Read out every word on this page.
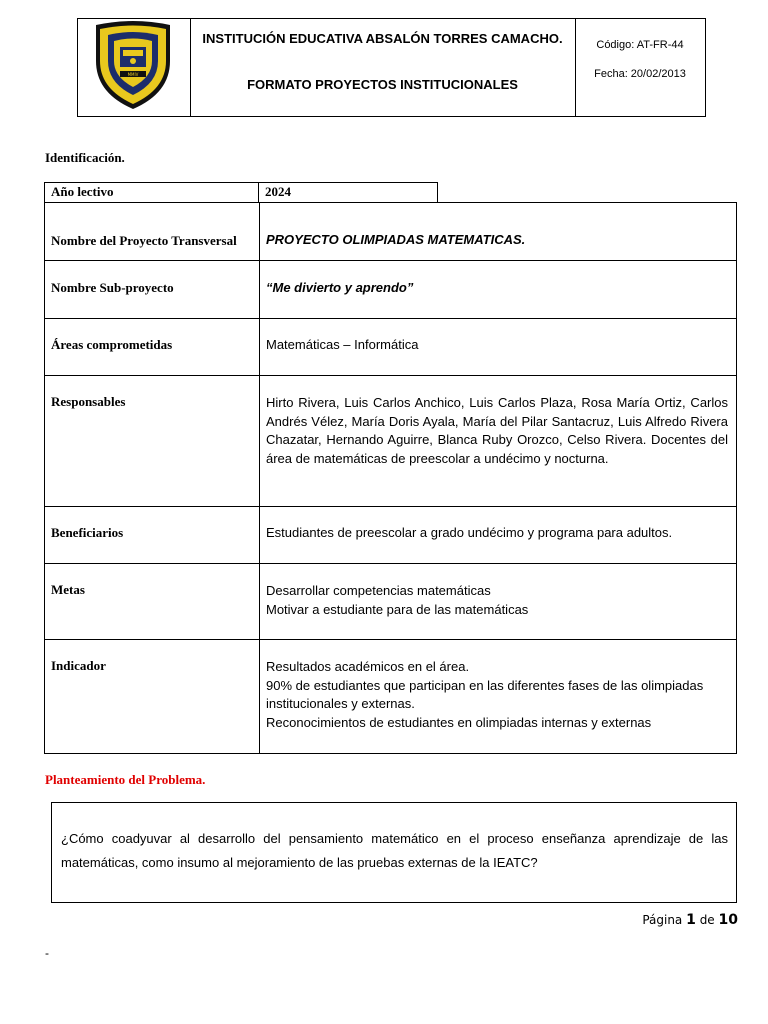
MMIV
INSTITUCIÓN EDUCATIVA ABSALÓN TORRES CAMACHO.
FORMATO PROYECTOS INSTITUCIONALES
Código: AT-FR-44
Fecha: 20/02/2013
Identificación.
Año lectivo	2024
Nombre del Proyecto Transversal	PROYECTO OLIMPIADAS MATEMATICAS.

Nombre Sub-proyecto	“Me divierto y aprendo”

Áreas comprometidas	Matemáticas – Informática

Responsables	Hirto Rivera, Luis Carlos Anchico, Luis Carlos Plaza, Rosa María Ortiz, Carlos Andrés Vélez, María Doris Ayala, María del Pilar Santacruz, Luis Alfredo Rivera Chazatar, Hernando Aguirre, Blanca Ruby Orozco, Celso Rivera. Docentes del área de matemáticas de preescolar a undécimo y nocturna.

Beneficiarios	Estudiantes de preescolar a grado undécimo y programa para adultos.

Metas	Desarrollar competencias matemáticas
Motivar a estudiante para de las matemáticas

Indicador	Resultados académicos en el área.
90% de estudiantes que participan en las diferentes fases de las olimpiadas institucionales y externas.
Reconocimientos de estudiantes en olimpiadas internas y externas
Planteamiento del Problema.
¿Cómo coadyuvar al desarrollo del pensamiento matemático en el proceso enseñanza aprendizaje de las matemáticas, como insumo al mejoramiento de las pruebas externas de la IEATC?
Página 1 de 10
-
